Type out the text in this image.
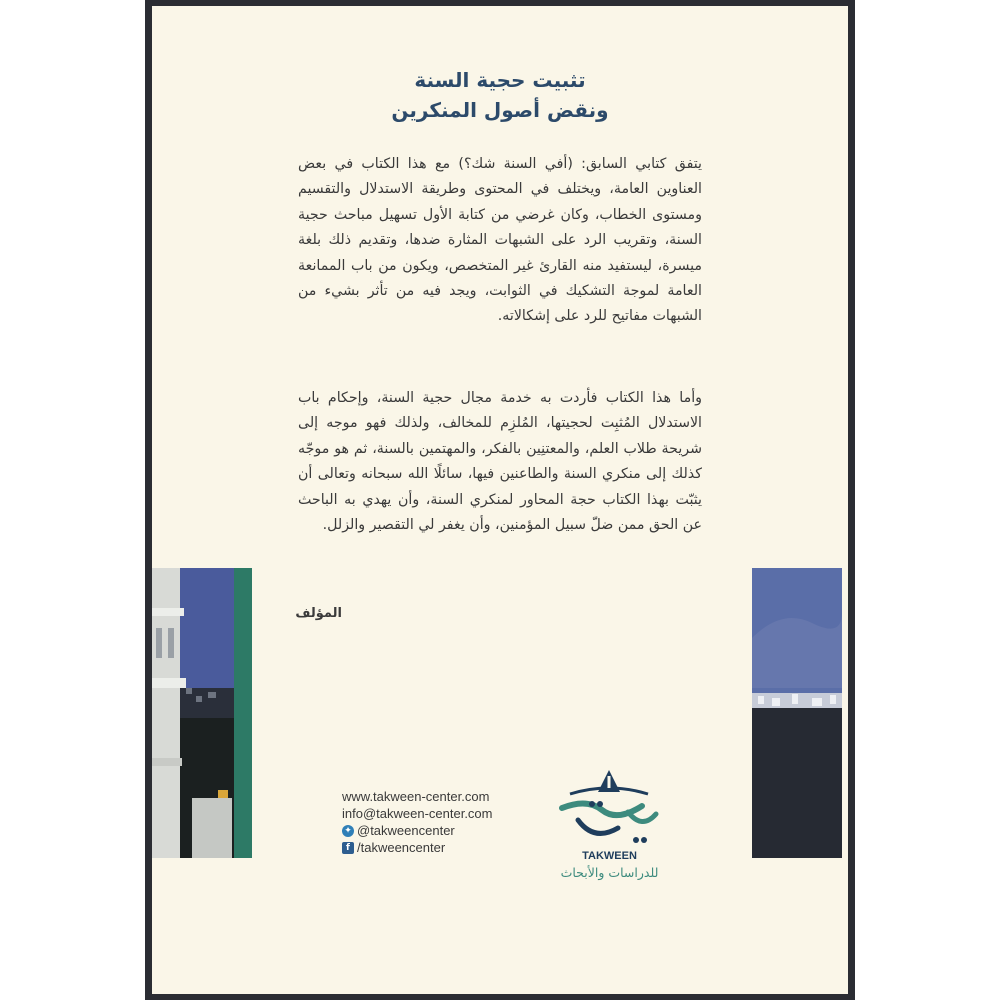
تثبيت حجية السنة
ونقض أصول المنكرين
يتفق كتابي السابق: (أفي السنة شك؟) مع هذا الكتاب في بعض العناوين العامة، ويختلف في المحتوى وطريقة الاستدلال والتقسيم ومستوى الخطاب، وكان غرضي من كتابة الأول تسهيل مباحث حجية السنة، وتقريب الرد على الشبهات المثارة ضدها، وتقديم ذلك بلغة ميسرة، ليستفيد منه القارئ غير المتخصص، ويكون من باب الممانعة العامة لموجة التشكيك في الثوابت، ويجد فيه من تأثر بشيء من الشبهات مفاتيح للرد على إشكالاته.
وأما هذا الكتاب فأردت به خدمة مجال حجية السنة، وإحكام باب الاستدلال المُثبِت لحجيتها، المُلزِم للمخالف، ولذلك فهو موجه إلى شريحة طلاب العلم، والمعتنِين بالفكر، والمهتمين بالسنة، ثم هو موجّه كذلك إلى منكري السنة والطاعنين فيها، سائلًا الله سبحانه وتعالى أن يثبّت بهذا الكتاب حجة المحاور لمنكري السنة، وأن يهدي به الباحث عن الحق ممن ضلّ سبيل المؤمنين، وأن يغفر لي التقصير والزلل.
المؤلف
www.takween-center.com
info@takween-center.com
✦ @takweencenter
f /takweencenter	تكوين
TAKWEEN
للدراسات والأبحاث
